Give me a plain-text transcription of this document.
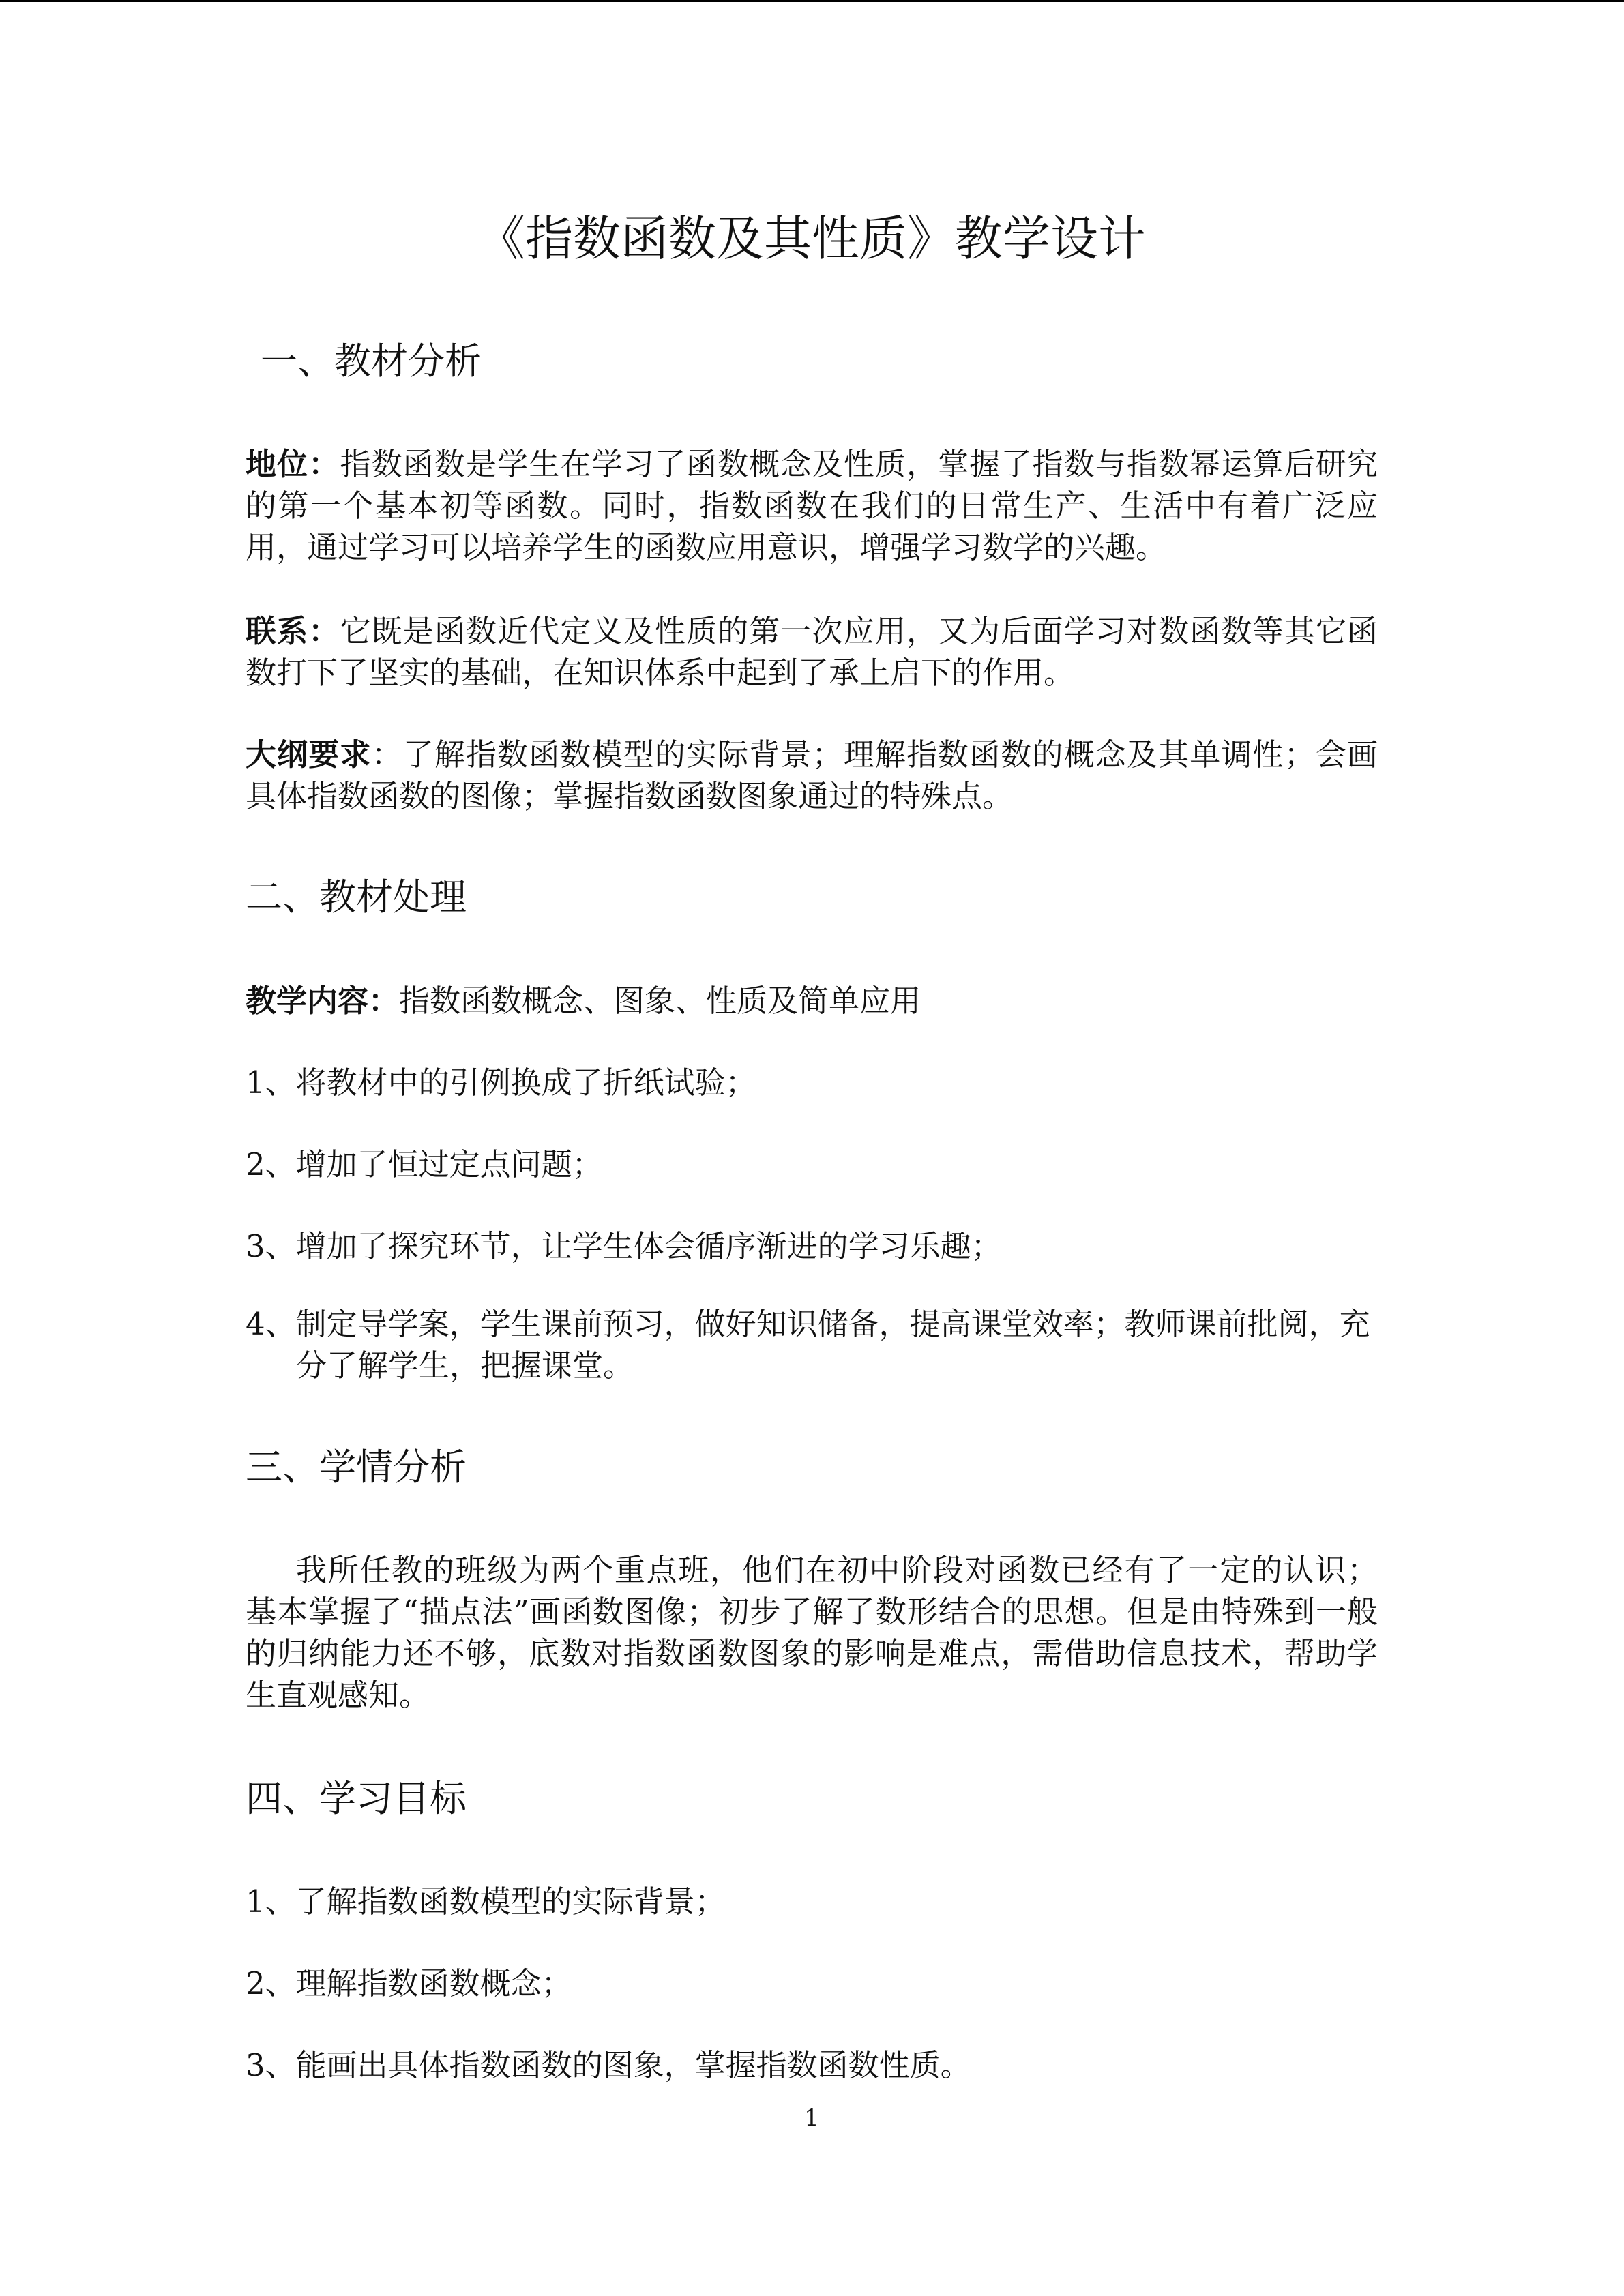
《指数函数及其性质》教学设计
一、教材分析

地位：指数函数是学生在学习了函数概念及性质，掌握了指数与指数幂运算后研究的第一个基本初等函数。同时，指数函数在我们的日常生产、生活中有着广泛应用，通过学习可以培养学生的函数应用意识，增强学习数学的兴趣。

联系：它既是函数近代定义及性质的第一次应用，又为后面学习对数函数等其它函数打下了坚实的基础，在知识体系中起到了承上启下的作用。

大纲要求：了解指数函数模型的实际背景；理解指数函数的概念及其单调性；会画具体指数函数的图像；掌握指数函数图象通过的特殊点。

二、教材处理

教学内容：指数函数概念、图象、性质及简单应用

1、将教材中的引例换成了折纸试验；
2、增加了恒过定点问题；
3、增加了探究环节，让学生体会循序渐进的学习乐趣；
4、制定导学案，学生课前预习，做好知识储备，提高课堂效率；教师课前批阅，充分了解学生，把握课堂。
三、学情分析

我所任教的班级为两个重点班，他们在初中阶段对函数已经有了一定的认识； 基本掌握了“描点法”画函数图像；初步了解了数形结合的思想。但是由特殊到一般的归纳能力还不够，底数对指数函数图象的影响是难点，需借助信息技术，帮助学生直观感知。

四、学习目标
1、了解指数函数模型的实际背景；
2、理解指数函数概念；
3、能画出具体指数函数的图象，掌握指数函数性质。
1
